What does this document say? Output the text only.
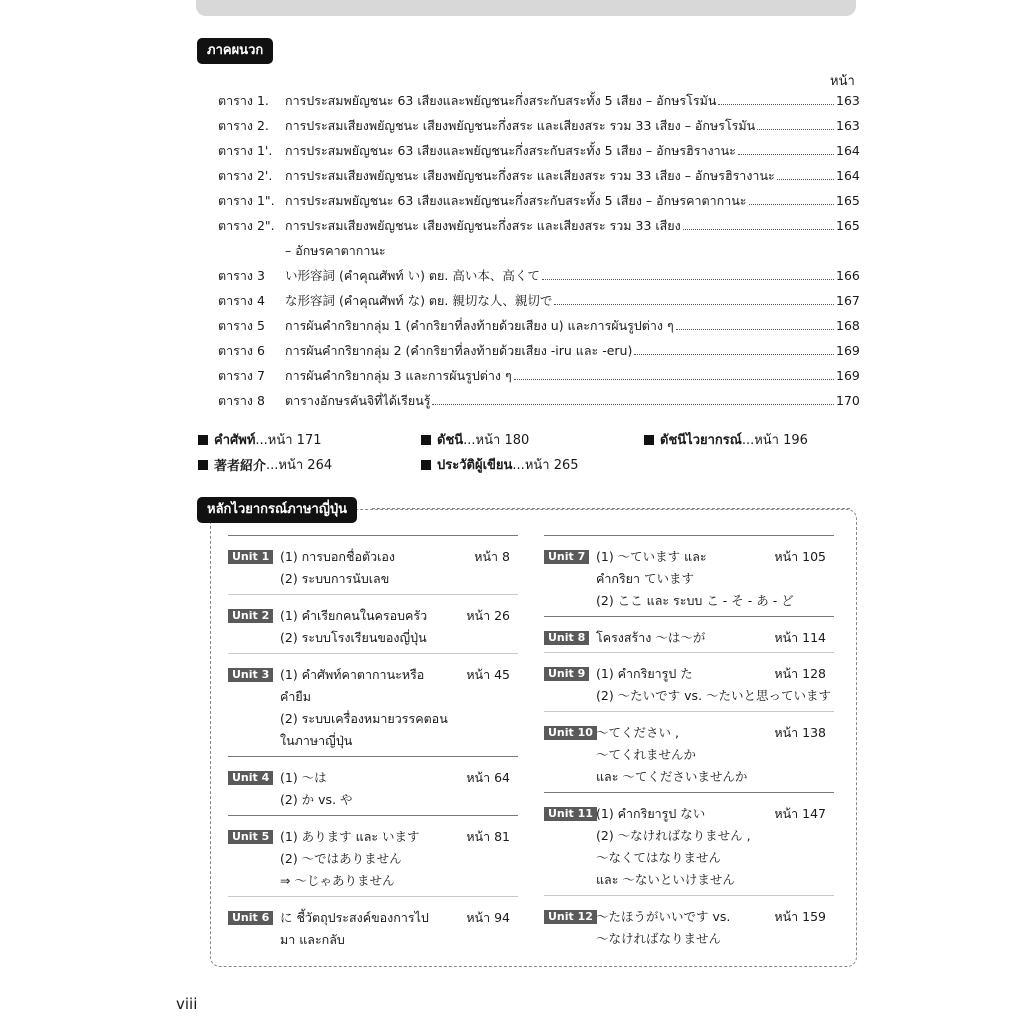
ภาคผนวก
หน้า
ตาราง 1.	การประสมพยัญชนะ 63 เสียงและพยัญชนะกึ่งสระกับสระทั้ง 5 เสียง – อักษรโรมัน	163
ตาราง 2.	การประสมเสียงพยัญชนะ เสียงพยัญชนะกึ่งสระ และเสียงสระ รวม 33 เสียง – อักษรโรมัน	163
ตาราง 1'.	การประสมพยัญชนะ 63 เสียงและพยัญชนะกึ่งสระกับสระทั้ง 5 เสียง – อักษรฮิรางานะ	164
ตาราง 2'.	การประสมเสียงพยัญชนะ เสียงพยัญชนะกึ่งสระ และเสียงสระ รวม 33 เสียง – อักษรฮิรางานะ	164
ตาราง 1". การประสมพยัญชนะ 63 เสียงและพยัญชนะกึ่งสระกับสระทั้ง 5 เสียง – อักษรคาตากานะ	165
ตาราง 2". การประสมเสียงพยัญชนะ เสียงพยัญชนะกึ่งสระ และเสียงสระ รวม 33 เสียง	165
– อักษรคาตากานะ
ตาราง 3	い形容詞 (คำคุณศัพท์ い) ตย. 高い本、高くて	166
ตาราง 4	な形容詞 (คำคุณศัพท์ な) ตย. 親切な人、親切で	167
ตาราง 5	การผันคำกริยากลุ่ม 1 (คำกริยาที่ลงท้ายด้วยเสียง u) และการผันรูปต่าง ๆ	168
ตาราง 6	การผันคำกริยากลุ่ม 2 (คำกริยาที่ลงท้ายด้วยเสียง -iru และ -eru)	169
ตาราง 7	การผันคำกริยากลุ่ม 3 และการผันรูปต่าง ๆ	169
ตาราง 8	ตารางอักษรคันจิที่ได้เรียนรู้	170
คำศัพท์ ...หน้า 171	ดัชนี ...หน้า 180	ดัชนีไวยากรณ์ ...หน้า 196
著者紹介 ...หน้า 264	ประวัติผู้เขียน ...หน้า 265
หลักไวยากรณ์ภาษาญี่ปุ่น
Unit 1 (1) การบอกชื่อตัวเอง
(2) ระบบการนับเลข
หน้า 8
Unit 2 (1) คำเรียกคนในครอบครัว
(2) ระบบโรงเรียนของญี่ปุ่น
หน้า 26
Unit 3 (1) คำศัพท์คาตากานะหรือ
คำยืม
(2) ระบบเครื่องหมายวรรคตอน
ในภาษาญี่ปุ่น
หน้า 45
Unit 4 (1) 〜は
(2) か vs. や
หน้า 64
Unit 5 (1) あります และ います
(2) 〜ではありません
⇒ 〜じゃありません
หน้า 81
Unit 6 に ชี้วัตถุประสงค์ของการไป
มา และกลับ
หน้า 94
Unit 7 (1) 〜ています และ
คำกริยา ています
(2) ここ และ ระบบ こ - そ - あ - ど
หน้า 105
Unit 8 โครงสร้าง 〜は〜が	หน้า 114
Unit 9 (1) คำกริยารูป た
(2) 〜たいです vs. 〜たいと思っています
หน้า 128
Unit 10 〜てください ,
〜てくれませんか
และ 〜てくださいませんか
หน้า 138
Unit 11 (1) คำกริยารูป ない
(2) 〜なければなりません ,
〜なくてはなりません
และ 〜ないといけません
หน้า 147
Unit 12 〜たほうがいいです vs.
〜なければなりません
หน้า 159
viii
